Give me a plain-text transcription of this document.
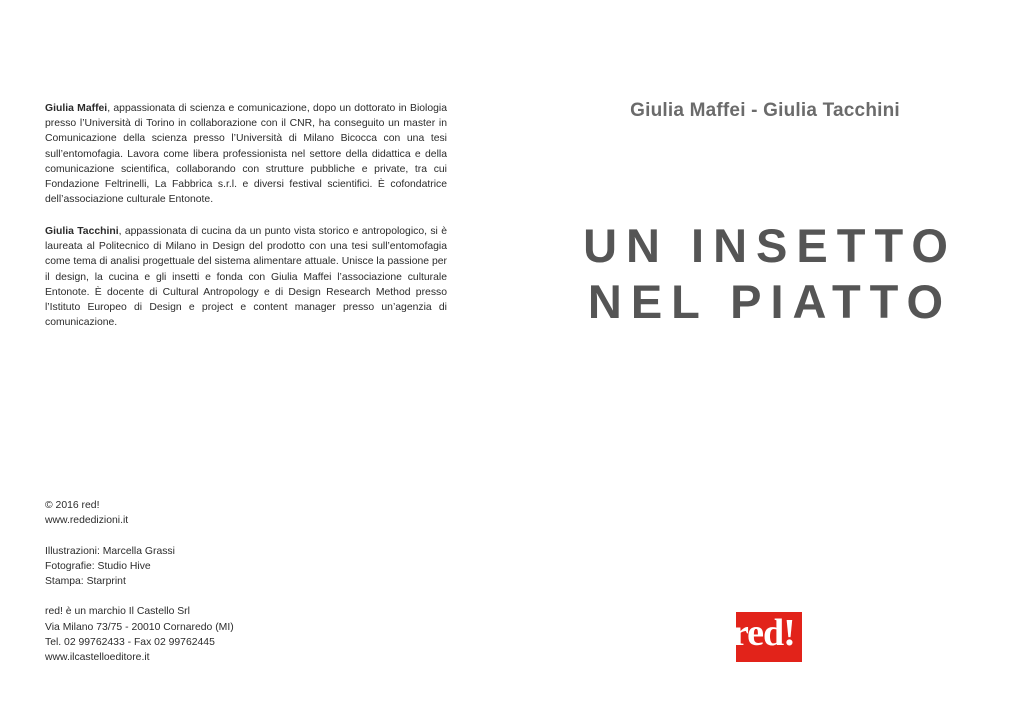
Giulia Maffei, appassionata di scienza e comunicazione, dopo un dottorato in Biologia presso l’Università di Torino in collaborazione con il CNR, ha conseguito un master in Comunicazione della scienza presso l’Università di Milano Bicocca con una tesi sull’entomofagia. Lavora come libera professionista nel settore della didattica e della comunicazione scientifica, collaborando con strutture pubbliche e private, tra cui Fondazione Feltrinelli, La Fabbrica s.r.l. e diversi festival scientifici. È cofondatrice dell’associazione culturale Entonote.

Giulia Tacchini, appassionata di cucina da un punto vista storico e antropologico, si è laureata al Politecnico di Milano in Design del prodotto con una tesi sull’entomofagia come tema di analisi progettuale del sistema alimentare attuale. Unisce la passione per il design, la cucina e gli insetti e fonda con Giulia Maffei l’associazione culturale Entonote. È docente di Cultural Antropology e di Design Research Method presso l’Istituto Europeo di Design e project e content manager presso un’agenzia di comunicazione.

© 2016 red!
www.rededizioni.it
Illustrazioni: Marcella Grassi
Fotografie: Studio Hive
Stampa: Starprint
red! è un marchio Il Castello Srl
Via Milano 73/75 - 20010 Cornaredo (MI)
Tel. 02 99762433 - Fax 02 99762445
www.ilcastelloeditore.it
Giulia Maffei - Giulia Tacchini
UN INSETTO
NEL PIATTO
red!
